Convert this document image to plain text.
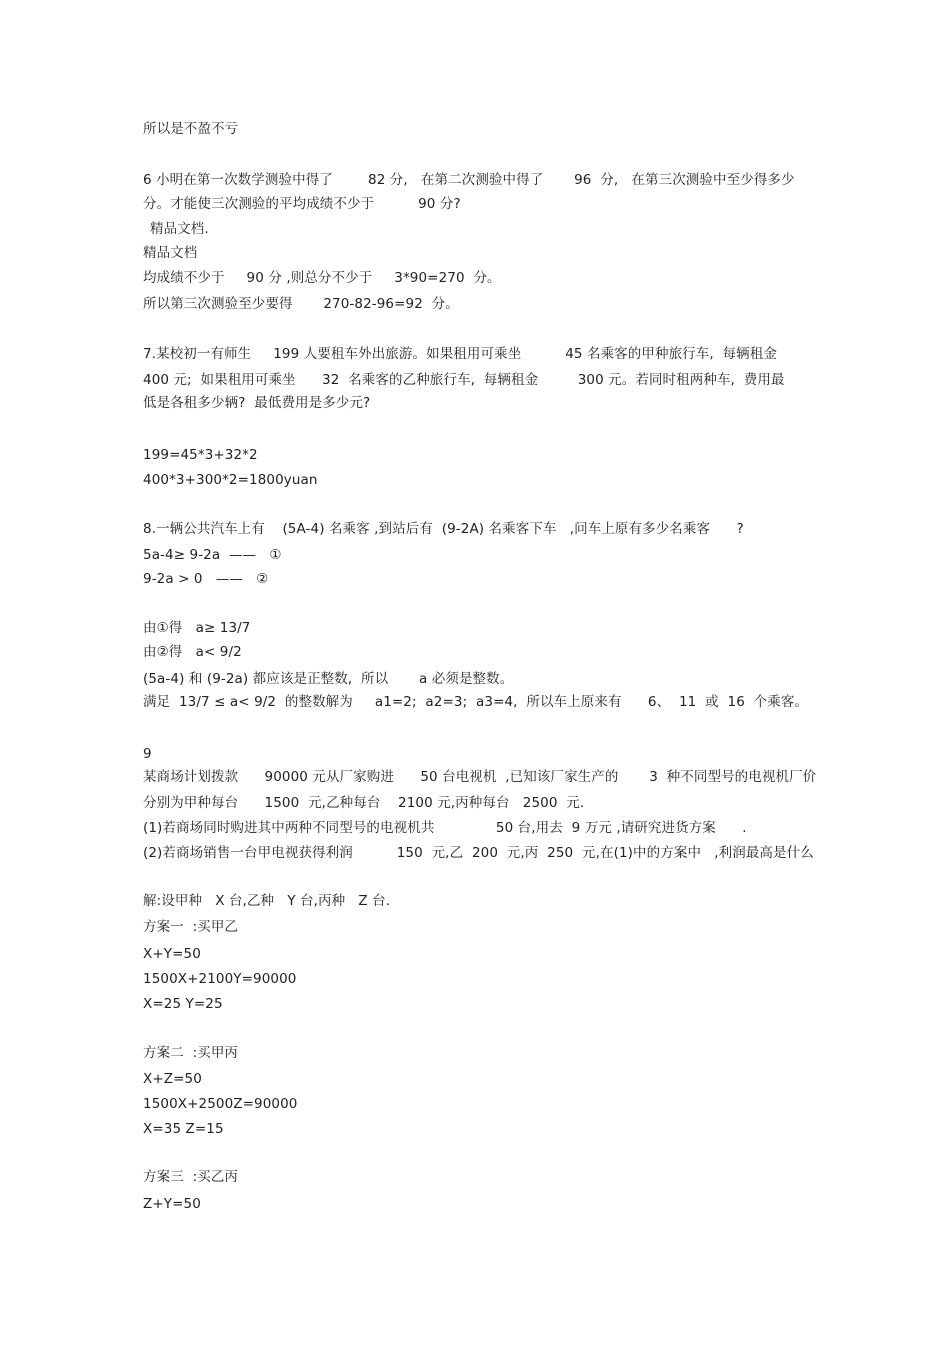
所以是不盈不亏
6 小明在第一次数学测验中得了        82 分,   在第二次测验中得了       96  分,   在第三次测验中至少得多少
分。才能使三次测验的平均成绩不少于          90 分?
精品文档.
精品文档
均成绩不少于     90 分 ,则总分不少于     3*90=270  分。
所以第三次测验至少要得       270-82-96=92  分。
7.某校初一有师生     199 人要租车外出旅游。如果租用可乘坐          45 名乘客的甲种旅行车,  每辆租金
400 元;  如果租用可乘坐      32  名乘客的乙种旅行车,  每辆租金         300 元。若同时租两种车,  费用最
低是各租多少辆?  最低费用是多少元?
199=45*3+32*2
400*3+300*2=1800yuan
8.一辆公共汽车上有    (5A-4) 名乘客 ,到站后有  (9-2A) 名乘客下车   ,问车上原有多少名乘客      ?
5a-4≥ 9-2a  ——   ①
9-2a > 0   ——   ②
由①得   a≥ 13/7
由②得   a< 9/2
(5a-4) 和 (9-2a) 都应该是正整数,  所以       a 必须是整数。
满足  13/7 ≤ a< 9/2  的整数解为     a1=2;  a2=3;  a3=4,  所以车上原来有      6、  11  或  16  个乘客。
9
某商场计划拨款      90000 元从厂家购进      50 台电视机  ,已知该厂家生产的       3  种不同型号的电视机厂价
分别为甲种每台      1500  元,乙种每台    2100 元,丙种每台   2500  元.
(1)若商场同时购进其中两种不同型号的电视机共              50 台,用去  9 万元 ,请研究进货方案      .
(2)若商场销售一台甲电视获得利润          150  元,乙  200  元,丙  250  元,在(1)中的方案中   ,利润最高是什么
解:设甲种   X 台,乙种   Y 台,丙种   Z 台.
方案一  :买甲乙
X+Y=50
1500X+2100Y=90000
X=25 Y=25
方案二  :买甲丙
X+Z=50
1500X+2500Z=90000
X=35 Z=15
方案三  :买乙丙
Z+Y=50
